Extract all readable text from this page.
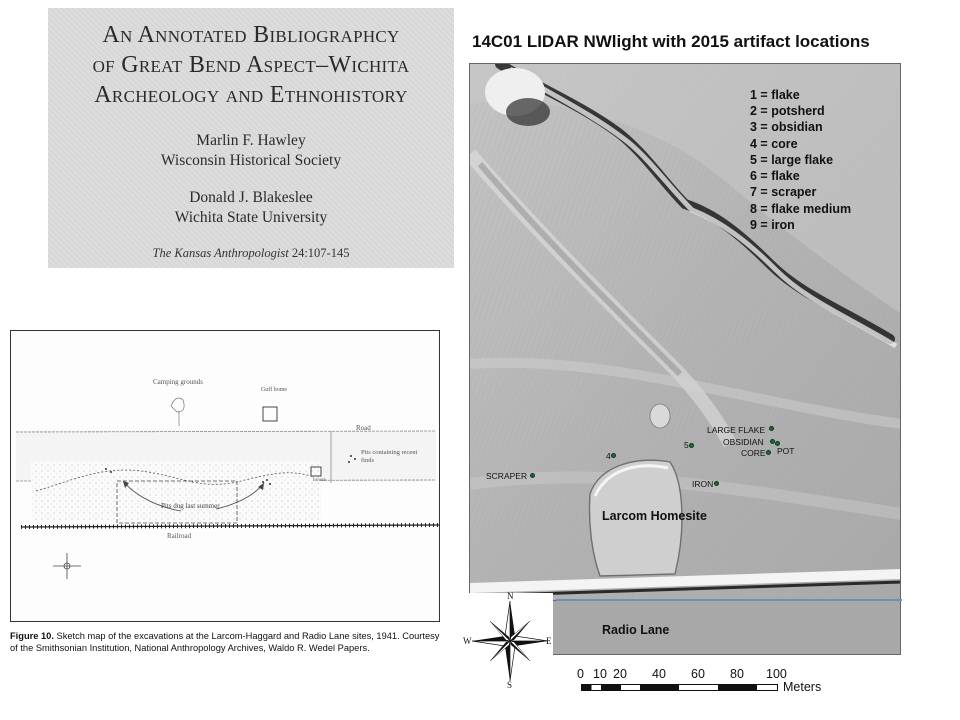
An Annotated Bibliographcy
of Great Bend Aspect–Wichita
Archeology and Ethnohistory
Marlin F. Hawley
Wisconsin Historical Society
Donald J. Blakeslee
Wichita State University
The Kansas Anthropologist 24:107-145
Camping grounds
Guff home
Road
Pits containing recent finds
house
Pits dug last summer
Railroad
Figure 10. Sketch map of the excavations at the Larcom-Haggard and Radio Lane sites, 1941. Courtesy of the Smithsonian Institution, National Anthropology Archives, Waldo R. Wedel Papers.
14C01 LIDAR NWlight with 2015 artifact locations
1 = flake
2 = potsherd
3 = obsidian
4 = core
5 = large flake
6 = flake
7 = scraper
8 = flake medium
9 = iron
LARGE FLAKE
OBSIDIAN
POT
CORE
5
4
SCRAPER
IRON
Larcom Homesite
Radio Lane
N
S
E
W
0 10 20 40 60 80 100
Meters
